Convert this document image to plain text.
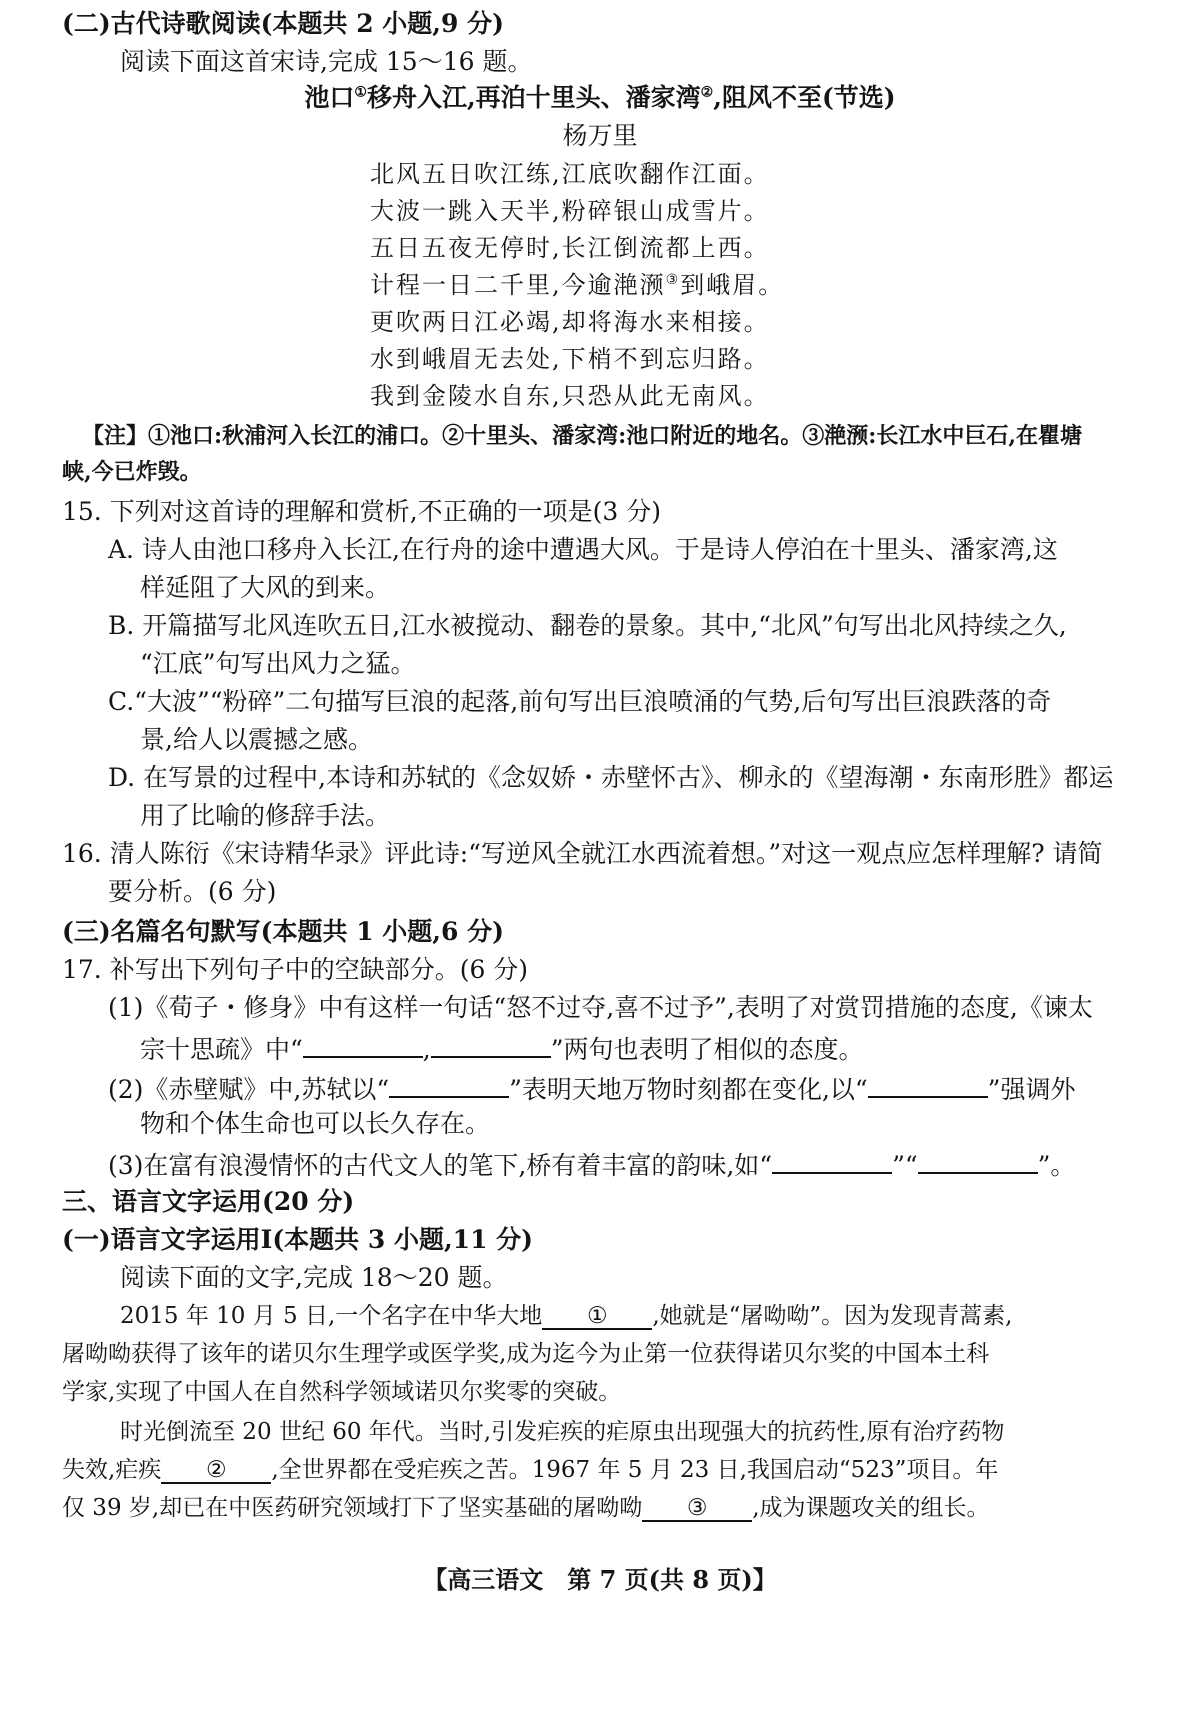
(二)古代诗歌阅读(本题共 2 小题,9 分)
阅读下面这首宋诗,完成 15～16 题。
池口①移舟入江,再泊十里头、潘家湾②,阻风不至(节选)
杨万里
北风五日吹江练,江底吹翻作江面。
大波一跳入天半,粉碎银山成雪片。
五日五夜无停时,长江倒流都上西。
计程一日二千里,今逾滟滪③到峨眉。
更吹两日江必竭,却将海水来相接。
水到峨眉无去处,下梢不到忘归路。
我到金陵水自东,只恐从此无南风。
【注】①池口:秋浦河入长江的浦口。②十里头、潘家湾:池口附近的地名。③滟滪:长江水中巨石,在瞿塘
峡,今已炸毁。
15. 下列对这首诗的理解和赏析,不正确的一项是(3 分)
A. 诗人由池口移舟入长江,在行舟的途中遭遇大风。于是诗人停泊在十里头、潘家湾,这
样延阻了大风的到来。
B. 开篇描写北风连吹五日,江水被搅动、翻卷的景象。其中,“北风”句写出北风持续之久,
“江底”句写出风力之猛。
C.“大波”“粉碎”二句描写巨浪的起落,前句写出巨浪喷涌的气势,后句写出巨浪跌落的奇
景,给人以震撼之感。
D. 在写景的过程中,本诗和苏轼的《念奴娇・赤壁怀古》、柳永的《望海潮・东南形胜》都运
用了比喻的修辞手法。
16. 清人陈衍《宋诗精华录》评此诗:“写逆风全就江水西流着想。”对这一观点应怎样理解? 请简
要分析。(6 分)
(三)名篇名句默写(本题共 1 小题,6 分)
17. 补写出下列句子中的空缺部分。(6 分)
(1)《荀子・修身》中有这样一句话“怒不过夺,喜不过予”,表明了对赏罚措施的态度,《谏太
宗十思疏》中“	,	”两句也表明了相似的态度。
(2)《赤壁赋》中,苏轼以“	”表明天地万物时刻都在变化,以“	”强调外
物和个体生命也可以长久存在。
(3)在富有浪漫情怀的古代文人的笔下,桥有着丰富的韵味,如“	”“	”。
三、语言文字运用(20 分)
(一)语言文字运用Ⅰ(本题共 3 小题,11 分)
阅读下面的文字,完成 18～20 题。
2015 年 10 月 5 日,一个名字在中华大地 ① ,她就是“屠呦呦”。因为发现青蒿素,
屠呦呦获得了该年的诺贝尔生理学或医学奖,成为迄今为止第一位获得诺贝尔奖的中国本土科
学家,实现了中国人在自然科学领域诺贝尔奖零的突破。
时光倒流至 20 世纪 60 年代。当时,引发疟疾的疟原虫出现强大的抗药性,原有治疗药物
失效,疟疾 ② ,全世界都在受疟疾之苦。1967 年 5 月 23 日,我国启动“523”项目。年
仅 39 岁,却已在中医药研究领域打下了坚实基础的屠呦呦 ③ ,成为课题攻关的组长。
【高三语文　第 7 页(共 8 页)】
